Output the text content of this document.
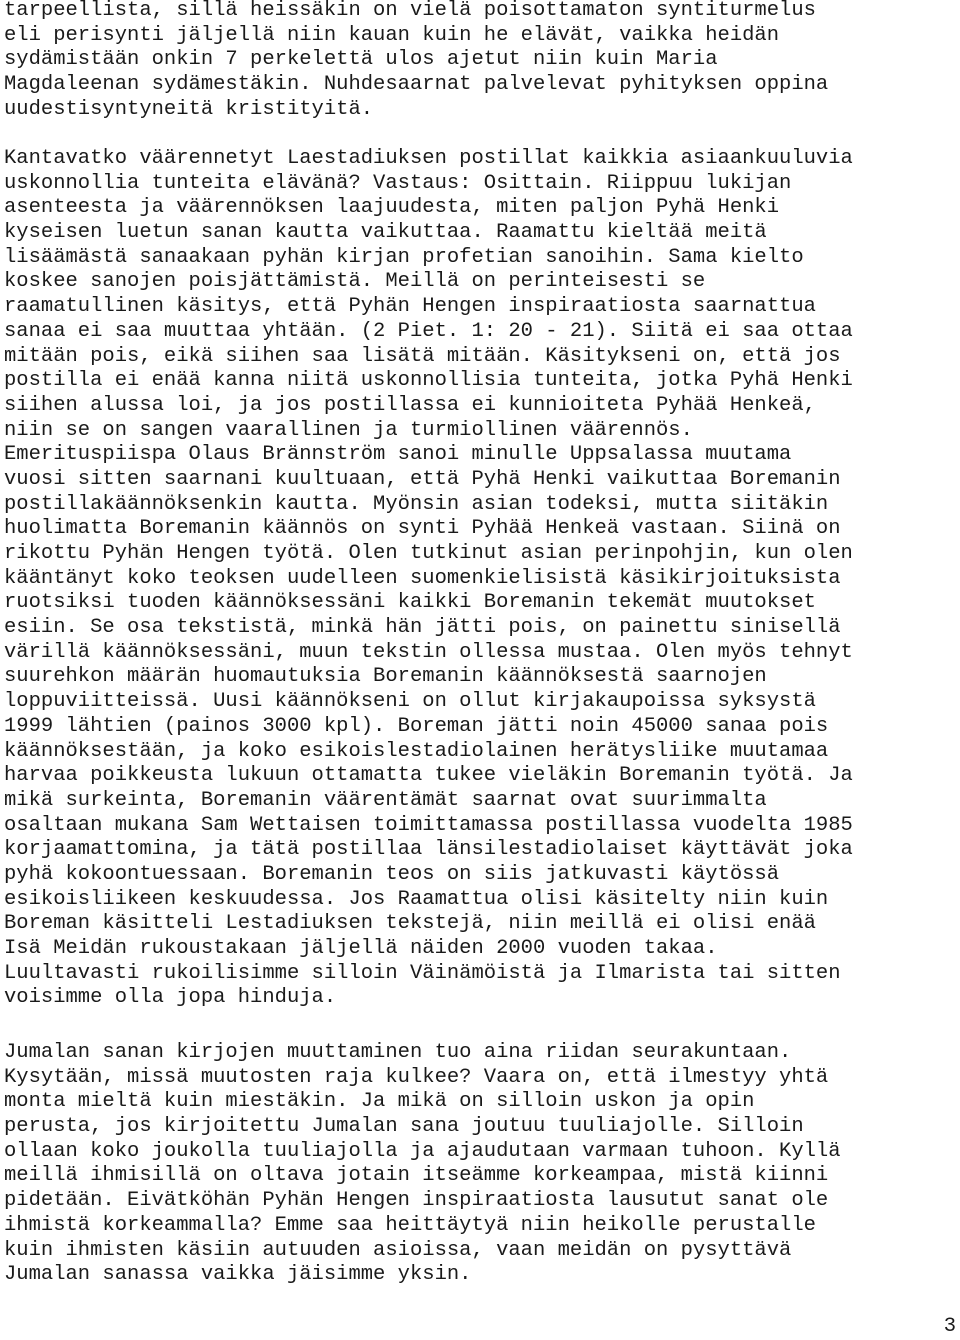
tarpeellista, sillä heissäkin on vielä poisottamaton syntiturmelus
eli perisynti jäljellä niin kauan kuin he elävät, vaikka heidän
sydämistään onkin 7 perkelettä ulos ajetut niin kuin Maria
Magdaleenan sydämestäkin. Nuhdesaarnat palvelevat pyhityksen oppina
uudestisyntyneitä kristityitä.
Kantavatko väärennetyt Laestadiuksen postillat kaikkia asiaankuuluvia
uskonnollia tunteita elävänä? Vastaus: Osittain. Riippuu lukijan
asenteesta ja väärennöksen laajuudesta, miten paljon Pyhä Henki
kyseisen luetun sanan kautta vaikuttaa. Raamattu kieltää meitä
lisäämästä sanaakaan pyhän kirjan profetian sanoihin. Sama kielto
koskee sanojen poisjättämistä. Meillä on perinteisesti se
raamatullinen käsitys, että Pyhän Hengen inspiraatiosta saarnattua
sanaa ei saa muuttaa yhtään. (2 Piet. 1: 20 - 21). Siitä ei saa ottaa
mitään pois, eikä siihen saa lisätä mitään. Käsitykseni on, että jos
postilla ei enää kanna niitä uskonnollisia tunteita, jotka Pyhä Henki
siihen alussa loi, ja jos postillassa ei kunnioiteta Pyhää Henkeä,
niin se on sangen vaarallinen ja turmiollinen väärennös.
Emerituspiispa Olaus Brännström sanoi minulle Uppsalassa muutama
vuosi sitten saarnani kuultuaan, että Pyhä Henki vaikuttaa Boremanin
postillakäännöksenkin kautta. Myönsin asian todeksi, mutta siitäkin
huolimatta Boremanin käännös on synti Pyhää Henkeä vastaan. Siinä on
rikottu Pyhän Hengen työtä. Olen tutkinut asian perinpohjin, kun olen
kääntänyt koko teoksen uudelleen suomenkielisistä käsikirjoituksista
ruotsiksi tuoden käännöksessäni kaikki Boremanin tekemät muutokset
esiin. Se osa tekstistä, minkä hän jätti pois, on painettu sinisellä
värillä käännöksessäni, muun tekstin ollessa mustaa. Olen myös tehnyt
suurehkon määrän huomautuksia Boremanin käännöksestä saarnojen
loppuviitteissä. Uusi käännökseni on ollut kirjakaupoissa syksystä
1999 lähtien (painos 3000 kpl). Boreman jätti noin 45000 sanaa pois
käännöksestään, ja koko esikoislestadiolainen herätysliike muutamaa
harvaa poikkeusta lukuun ottamatta tukee vieläkin Boremanin työtä. Ja
mikä surkeinta, Boremanin väärentämät saarnat ovat suurimmalta
osaltaan mukana Sam Wettaisen toimittamassa postillassa vuodelta 1985
korjaamattomina, ja tätä postillaa länsilestadiolaiset käyttävät joka
pyhä kokoontuessaan. Boremanin teos on siis jatkuvasti käytössä
esikoisliikeen keskuudessa. Jos Raamattua olisi käsitelty niin kuin
Boreman käsitteli Lestadiuksen tekstejä, niin meillä ei olisi enää
Isä Meidän rukoustakaan jäljellä näiden 2000 vuoden takaa.
Luultavasti rukoilisimme silloin Väinämöistä ja Ilmarista tai sitten
voisimme olla jopa hinduja.
Jumalan sanan kirjojen muuttaminen tuo aina riidan seurakuntaan.
Kysytään, missä muutosten raja kulkee? Vaara on, että ilmestyy yhtä
monta mieltä kuin miestäkin. Ja mikä on silloin uskon ja opin
perusta, jos kirjoitettu Jumalan sana joutuu tuuliajolle. Silloin
ollaan koko joukolla tuuliajolla ja ajaudutaan varmaan tuhoon. Kyllä
meillä ihmisillä on oltava jotain itseämme korkeampaa, mistä kiinni
pidetään. Eivätköhän Pyhän Hengen inspiraatiosta lausutut sanat ole
ihmistä korkeammalla? Emme saa heittäytyä niin heikolle perustalle
kuin ihmisten käsiin autuuden asioissa, vaan meidän on pysyttävä
Jumalan sanassa vaikka jäisimme yksin.
3
